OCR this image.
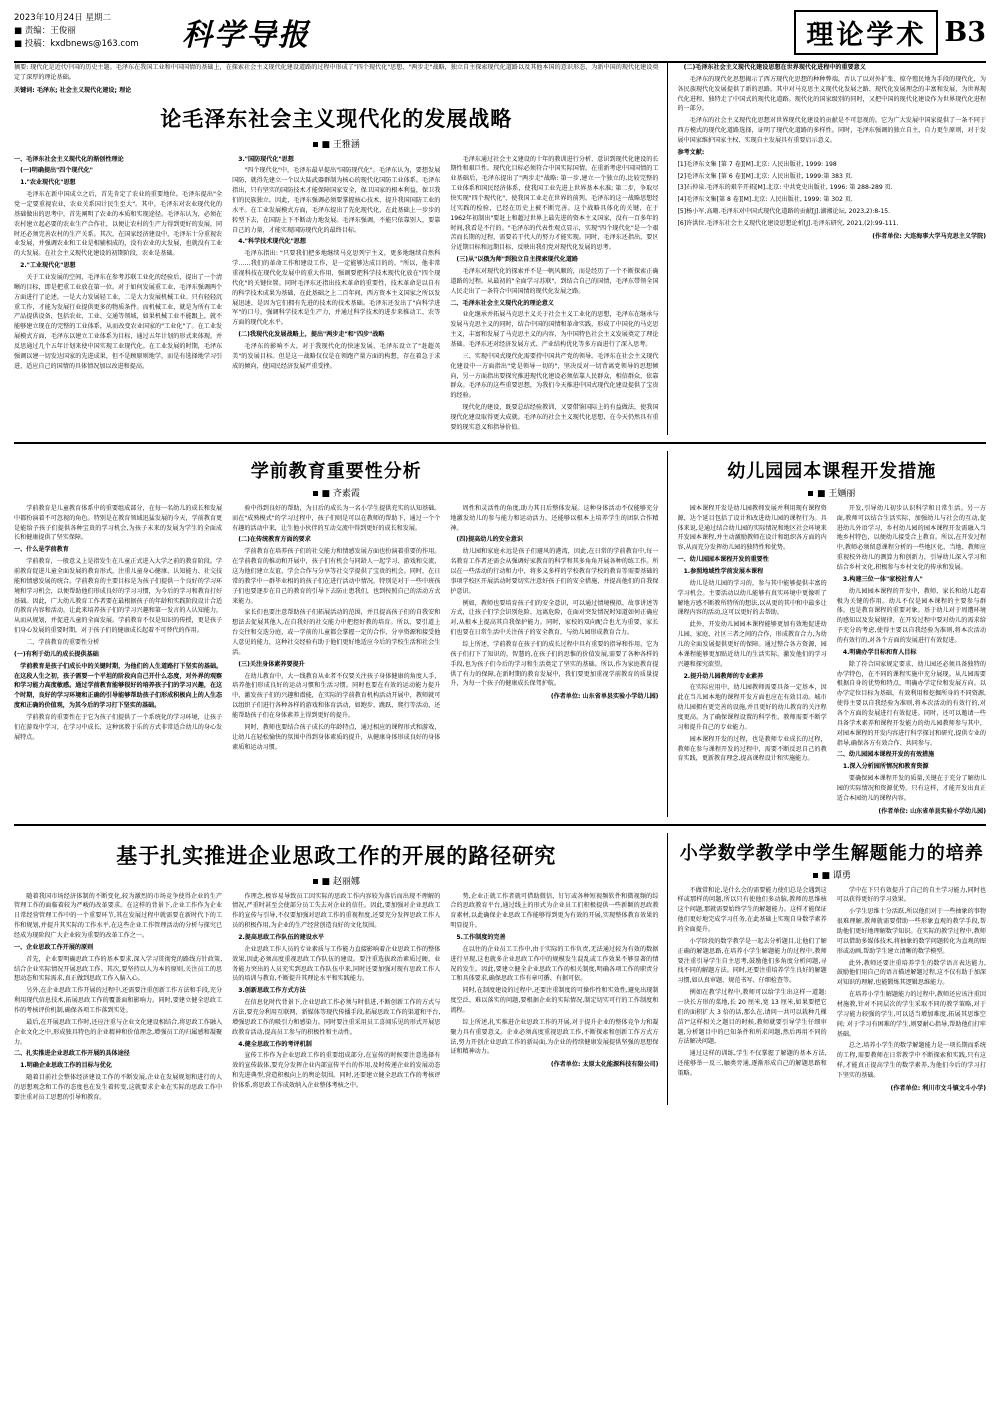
2023年10月24日 星期二
■ 责编：王俊丽
■ 投稿：kxdbnews@163.com	科学导报	理论学术 B3
摘要: 现代化是近代中国的历史主题。毛泽东在我国工业和中国国情的基础上，在探索社会主义现代化建设道路的过程中形成了"四个现代化"思想、"两步走"战略，独立自主探索现代化道路以及其他本国的意识形态，为新中国的现代化建设奠定了深厚的理论基础。
关键词: 毛泽东; 社会主义现代化建设; 理论
论毛泽东社会主义现代化的发展战略
■ 王雅涵

一、毛泽东社会主义现代化的渐创性理论

(一)明确提出"四个现代化"

1."农业现代化"思想

毛泽东在新中国成立之后，首先肯定了农业的重要地位。毛泽东提出"全党一定要重视农业，农业关系国计民生至大"。其中，毛泽东对农业现代化的基础做出的思考中，首先阐明了农业的本质和实现途径。毛泽东认为，必须在农村建立起必要的农业生产合作社，以便让农村的生产力得到更好的发展，同时还必须完善农村的生产关系。其次，在国家经济建设中，毛泽东十分重视农业发展，并强调农业和工业是相辅相成的，没有农业的大发展，也就没有工业的大发展。在社会主义现代化建设的初期阶段，农业是基础。

2."工业现代化"思想

关于工业发展的空间，毛泽东在参考苏联工业化的经验后，提出了一个清晰的目标，即是把重工业放在第一位。对于如何发展重工业，毛泽东强调两个方面进行了论述，一是大力发展轻工业，二是大力发展机械工业。只有轻轻沉重工作，才能为发展行业提供更多的物质条件。而机械工业，就是为所有工业产品提供设备，包括农业、工业、交通等领域，如果机械工业不能跟上，就不能够建立现在的完整的工业体系，从而改变农业国家的"工业化"了。在工业发展模式方面，毛泽东以建立工业体系为目标，通过五年计划的形式来体现。并反思通过几个五年计划来使中国实现工业现代化。在工业发展的时期，毛泽东强调以建一切发达国家的先进成果，但不是顾原则地学，而是有选择地学习引进，适应自己的国情的具体情况加以改进和提高。

3."国防现代化"思想

"四个现代化"中，毛泽东最早提出"国防现代化"。毛泽东认为，要想发展国防，就得先建立一个以大陆武器群制为核心的现代化国防工业体系。毛泽东指出，只有坚实的国防技术才能保障国家安全，保卫国家的根本利益，保卫我们的民族独立。因此，毛泽东强调必须要掌握核心技术，提升我国国防工业的水平。在工业发展模式方面，毛泽东提出了先化现代化，在此基础上一步步的转型下去，在国防上下不断动力地发展。毛泽东强调，不能只依靠别人，要靠自己的力量，才能实现国防现代化的最终目标。

4."科学技术现代化"思想

毛泽东指出: "只要我们把多地继续马克思列宁主义，更多地继续自然科学……我们的革命工作和建设工作，是一定能够达成目的的。"所以，他非常重视科技在现代化发展中的重大作用，强调要把科学技术现代化放在"四个现代化"的关键位置。同时毛泽东还指出技术革命的重要性，技术革命是以自有的科学技术成果为基础，在此基础之上二百年间，西方资本主义国家之所以发展迅速，是因为它们拥有先进的技术的技术基础。毛泽东还发出了"向科学进军"的口号，强调科学技术是生产力，并通过科学技术的进步来推动工、农等方面的现代化水平。

(二)我现代化发展战略上，提出"两步走"和"四步"战略

毛泽东的影响不大，对于我现代化的快速发展，毛泽东设立了"赶超英美"的发展目标。但是这一战略仅仅是在领跑产量方面的构想，存在着急于求成的倾向，使国民经济发展严重受挫。

毛泽东通过社会主义建设的十年的教训进行分析，意识到现代化建设的长期性和艰巨性。现代化目标必须符合中国实际国情。在重新考虑中国国情的工业基础后，毛泽东提出了"两步走"战略: 第一步,建立一个独立的,比较完整的工业体系和国民经济体系，使我国工业先进上世界基本水准; 第二步，争取尽快实现"四个现代化"，使我国工业走在世界的前列。毛泽东的这一战略思想经过实践的检验，已经在历史上被不断完善。这个战略具体化的关键，在于1962年初制出"要赶上和超过世界上最先进的资本主义国家，没有一百多年的时间,我看是不行的。"毛泽东的代表性观点显示，实现"四个现代化"是一个艰苦而长期的过程，需要若干代人的努力才能实现。同时，毛泽东还指出，要区分近期目标和远期目标，反映出我们党对现代化发展的思考。

(三)从"以俄为师"到独立自主探索现代化道路

毛泽东对现代化的探索并不是一帆风顺的，而是经历了一个不断探索正确道路的过程。从最初的"全面学习苏联"，到结合自己的国情，毛泽东带领全国人民走出了一条符合中国国情的现代化发展之路。

二、毛泽东社会主义现代化的理论意义

业化继承并拓展马克思主义关于社会主义工业化的思想，毛泽东在继承与发展马克思主义的同时，结合中国的国情和革命实践，形成了中国化的马克思主义，丰富和发展了马克思主义的内容，为中国特色社会主义发展奠定了理论基础。毛泽东还对经济发展方式、产业结构优化等多方面进行了深入思考。

三、实现中国式现代化需要持中国共产党的领导。毛泽东在社会主义现代化建设中一方面指出"党是领导一切的"，坚决反对一切背离党领导的思想倾向，另一方面指出要探究推进现代化建设必须依靠人民群众，相信群众，依靠群众。毛泽东的这些重要思想，为我们今天推进中国式现代化建设提供了宝贵的经验。

现代化的建设，既要总结经验教训，又要借鉴国际上的有益做法，使我国现代化建设取得更大成就。毛泽东的社会主义现代化思想，在今天仍然具有重要的现实意义和指导价值。

(二)毛泽东社会主义现代化建设思想在世界现代化进程中的重要意义

毛泽东的现代化思想揭示了西方现代化思想的种种弊端，否认了以对外扩张、掠夺殖民地为手段的现代化，为各民族现代化发展提供了新的思路。其中对马克思主义现代化发展之路、现代化发展理念的丰富和发展，为世界现代化进程，独特走了中国式的现代化道路。现代化的国家级别的同时，又把中国的现代化建设作为世界现代化进程的一部分。

毛泽东的社会主义现代化思想对世界现代化建设的贡献是不可忽视的。它为广大发展中国家提供了一条不同于西方模式的现代化道路选择，证明了现代化道路的多样性。同时，毛泽东强调的独立自主、自力更生原则，对于发展中国家维护国家主权、实现自主发展具有重要启示意义。

参考文献:

[1]毛泽东文集 [第 7 卷][M].北京: 人民出版社, 1999: 198

[2]毛泽东文集 [第 6 卷][M].北京: 人民出版社, 1999:第 383 页.

[3]石仲泉.毛泽东的艰辛开拓[M].北京: 中共党史出版社, 1996: 第 288-289 页.

[4]毛泽东文集[第 8 卷][M].北京: 人民出版社, 1999: 第 302 页.

[5]杨小军,高珊.毛泽东对中国式现代化道路的贡献[J].湖湘论坛, 2023,2):8-15.

[6]许洪位.毛泽东社会主义现代化建设思想论析[J].毛泽东研究, 2021,(2):99-111.

(作者单位: 大连海事大学马克思主义学院)
学前教育重要性分析
■ 齐素霞

学前教育是儿童教育体系中的重要组成部分，在每一名幼儿的成长和发展中都扮演着不可忽视的角色。特别是在教育领域迅猛发展的今天，学前教育更是能给予孩子们提供各种宝贵的学习机会,为孩子未来的发展为学生的全面成长和健康提供了坚实保障。

一、什么是学前教育

学前教育，一般意义上是指发生在儿童正式进入大学之前的教育阶段。学前教育促进儿童全面发展的教育形式，注重儿童身心健康、认知能力、社交技能和情感发展的统合。学前教育的主要目标是为孩子们提供一个良好的学习环境和学习机会，以便帮助他们形成良好的学习习惯，为今后的学习和教育打好基础。因此，广大幼儿教育工作者要在最根据孩子的年龄和实践阶段设计合适的教育内容和活动，让此来培养孩子们的学习兴趣和第一发言的人认知能力，从而从规划，并促进儿童的全面发展。学前教育不仅是知识的传授，更是孩子们身心发展的重要时期，对于孩子们的健康成长起着不可替代的作用。

二、学前教育的重要性分析

(一)有利于幼儿的成长提供基础

学前教育是孩子们成长中的关键时期，为他们的人生道路打下坚实的基础。在这段人生之初，孩子需要一个平坦的阶段向自己开什么态度，对外界的观察和学习能力高度敏感。通过学前教育能够很好的培养孩子们的学习兴趣，在这个时期，良好的学习环境和正确的引导能够帮助孩子们形成积极向上的人生态度和正确的价值观，为其今后的学习打下坚实的基础。

学前教育的重要性在于它为孩子们提供了一个系统化的学习环境，让孩子们在游戏中学习，在学习中成长，这种寓教于乐的方式非常适合幼儿的身心发展特点。

验中得到良好的帮助，为日后的成长为一名小学生提供充实的认知基础。而在"成熟模式"的学习过程中，孩子们则是可以在教师的帮助下，通过一个个有趣的活动中来，让生他小伙伴的互动交流中得到更好的成长和发展。

(二)在传统教育方面的要求

学前教育在培养孩子们的社交能力和情感发展方面也扮演着重要的作用。在学前教育的推动和开展中，孩子们有机会与同龄人一起学习、游戏和交流，这为他们建立友谊、学会合作与分享等社交学提供了宝贵的机会。同时，在日常的教学中一群毕业相的的孩子们在进行活动中情况，特别是对于一些中班孩子们也要逐步在自己的教育的引导下去防止患我们，也到按照自己的活动方式来能力。

家长们也要注意帮助孩子们拓展活动的范围，并且提高孩子们的自我安和想法去促展其他人,在自我好的社交能力中把控好教的培育。所以，要引道上台交往和交迭分庭，或一学前的儿童都会掌握一定的合作、分享资源和接受他人意见的能力，这种社交经验有助于他们更好地适应今后的学校生活和社会生活。

(三)关注身体素养要提升

在幼儿教育中，大一线教育从业者不仅要关注孩子身体健康的角度人手，培养他们形成良好的运动习惯和生活习惯。同时也要在有效的运动能力提升中，激发孩子们的兴趣和潜能，在实际的学前教育机构活动开展中，教师就可以组织子们进行各种各样的游戏和体育活动，如跑步、跳跃、爬行等活动，还能帮助孩子们在身体素养上得到更好的提升。

同时，教师也要结合孩子成长的年龄特点，通过相应的课程形式和游戏，让幼儿在轻松愉快的氛围中得到身体素质的提升，从健康身体形成良好的身体素质和运动习惯。

周性和灵活性的角度,助力其日后整体发展。这种身体活动不仅能够充分地激发幼儿的参与能力和运动活力，还能够以根本上培养学生的团队合作精神。

(四)提高幼儿的安全意识

幼儿园和家庭永远是孩子们避风的港湾，因此,在日常的学前教育中,每一名教育工作者还需会从强调好家教育的科学和其多角角开展各种的练工作。所以在一些活动的行动和力中，将多义多样的学校教育学校的教育等需要基础的事项学校区开展活动时要切实注意好孩子们的安全措施，并提高他们的自我保护意识。

例如，教师也要培育孩子们的安全意识，可以通过情境模拟、故事讲述等方式，让孩子们学会识别危险、远离危险，在面对突发情况时知道如何正确应对,从根本上提高其自我保护能力。同时，家校的双向配合也尤为重要，家长们也要在日常生活中关注孩子的安全教育，与幼儿园形成教育合力。

综上所述，学前教育在孩子们的成长过程中具有重要的指导和作用，它为孩子们打下了知识的，智慧的,在孩子们的思惟的价值发展,需要了各种各样的手段,也为孩子们今后的学习和生活奠定了坚实的基础。所以,作为家庭教育提供了有力的保障,在新时期的教育发展中，我们要更加重视学前教育的质量提升，为每一个孩子的健康成长保驾护航。

(作者单位: 山东省单县实验小学幼儿园)
幼儿园园本课程开发措施
■ 王婳丽

园本课程开发是幼儿园教师发展并利用现有课程资源，达个延目包括了设计和改进幼儿园的课程行为。具体来说,是通过结合幼儿园的实际情况和地区社会环境来开发园本课程,并主动激励教师在设计和组织各方面的内容,从而充分发挥幼儿园的独特性和优势。

一、幼儿园园本课程开发的重要性

1.参照地域性学前发展本课程

幼儿是幼儿园的学习的，参与其中能够提供丰富的学习机会。主要活动以幼儿能够有真实环境中更像听了解地方感不断教所特所的想法,以从更的其中和中最多让课程内容的活动,这可以更好的去帮助。

此外，开发幼儿园园本课程能够更加有效地促进幼儿园、家庭、社区三者之间的合作，形成教育合力,为幼儿的全面发展提供更好的保障。通过整合各方资源，园本课程能够更加贴近幼儿的生活实际，激发他们的学习兴趣和探究欲望。

2.提升幼儿园教师的专业素养

在实际应用中，幼儿园教师需要具备一定基本，因此在当儿园本地的课程开发方面也应在有效目动。城市幼儿园拥有更完善的设施,并且更好的幼儿教育的关注程度更高。为了确保课程设置的科学性，教师需要不断学习和提升自己的专业能力。

园本课程开发的过程，也是教师专业成长的过程，教师在参与课程开发的过程中，需要不断反思自己的教育实践，更新教育理念,提高课程设计和实施能力。

开发,引导幼儿初步认识科学和日常生活。另一方面,教师可以结合生活实际，加强幼儿与社会的互动,促进幼儿外语学习，乡村幼儿园的园本课程开发需融入当地乡村特色，以便幼儿接受合上教育。所以,在开发过程中,教师必须留意课程分析的一些地区化、当地、教师应重视校外幼儿的测算力和创新力，引导幼儿深入学习和结合乡村文化,积极参与乡村文化的传承和发展。

3.构建三位一体"家校社育人"

幼儿园园本课程的开发中，教师、家长和幼儿起着极为关键的作用。幼儿不仅是园本课程的主要参与群体，也是教育课程的重要对象。基于幼儿对于周遭环境的感知以及发展规律，在开发过程中要对幼儿的需求给予充分的考虑,使得主要以自我经验为准则,将本次活动的有效行的,对各个方面的发展进行有效促进。

4.明确办学目标和育人目标

除了符合国家规定要求，幼儿园还必须具备独特的办学特色，在不同的课程实施中充分展现。从儿园需要根据自身的优势和特点，明确办学定位和发展方向。以办学定位目标为基础，有效利用和挖掘所身的不同资源,使得主要以自我经验为准则,将本次活动的有效行的,对各个方面的发展进行有效促进。同时，还可以邀请一些具备学术素养和课程开发能力的幼儿园教师参与其中，对园本课程的开发内容进行科学探讨和研究,提供专业的指导,确保各方有效合作、共同参与。

二、幼儿园园本课程开发的有效措施

1.深入分析园所情况和教育资源

要确保园本课程开发的质量,关键在于充分了解幼儿园的实际情况和资源优势。只有这样，才能开发出真正适合本园幼儿的课程内容。

(作者单位: 山东省单县实验小学幼儿园)
基于扎实推进企业思政工作的开展的路径研究
■ 赵丽娜

随着我国市场经济体制的不断变化,较为激烈的市场竞争使得企业的生产管理工作的面临着较为严峻的改革要求。在这样的背景下,企业工作作为企业日常经营管理工作中的一个重要环节,其在发展过程中就需要在新时代下的工作和规划,并提升其实际的工作水平,在这些企业工作管理活动的分析与探究已经成为现阶段广大企业较为重要的改革工作之一。

一、企业思政工作开展的原则

首先，企业要明确思政工作的基本要求,深入学习贯彻党的路线方针政策,结合企业实际情况开展思政工作。其次,要坚持以人为本的原则,关注员工的思想动态和实际需求,真正做到思政工作入脑入心。

另外,在企业思政工作开展的过程中,还需要注重创新工作方法和手段,充分利用现代信息技术,拓展思政工作的覆盖面和影响力。同时,要建立健全思政工作的考核评价机制,确保各项工作落到实处。

最后,在开展思政工作时,还应注重与企业文化建设相结合,将思政工作融入企业文化之中,形成独具特色的企业精神和价值理念,增强员工的归属感和凝聚力。

二、扎实推进企业思政工作开展的具体途径

1.明确企业思政工作的目标与优化

随着目前社会整体经济建设工作的不断发展,企业在发展规划和进行的人的思想观念和工作的态度也在发生着转变,这就要求企业在实际的思政工作中要注重对员工思想的引导和教育。

作理念,极容易导致员工因实际的思政工作内容较为落后而出现不理解的情况,严重时甚至会使部分员工失去对企业的信任。因此,要加强对企业思政工作的宣传与引导,不仅要加强对思政工作的重视程度,还要充分发挥思政工作人员的积极作用,为企业的生产经营创造良好的文化氛围。

2.提高思政工作队伍的建设水平

企业思政工作人员的专业素质与工作能力直接影响着企业思政工作的整体效果,因此必须高度重视思政工作队伍的建设。要注重选拔政治素质过硬、业务能力突出的人员充实到思政工作队伍中来,同时还要加强对现有思政工作人员的培训与教育,不断提升其理论水平和实践能力。

3.创新思政工作方式方法

在信息化时代背景下,企业思政工作必须与时俱进,不断创新工作的方式与方法,要充分利用互联网、新媒体等现代传播手段,拓展思政工作的渠道和平台,增强思政工作的吸引力和感染力。同时要注重采用员工喜闻乐见的形式开展思政教育活动,提高员工参与的积极性和主动性。

4.健全思政工作的考评机制

宣传工作作为企业思政工作的重要组成部分,在宣传的时候要注意选择有效的宣传载体,要充分发挥企业内部宣传平台的作用,及时传递企业的发展动态和先进典型,营造积极向上的舆论氛围。同时,还要建立健全思政工作的考核评价体系,将思政工作成效纳入企业整体考核之中。

势,企业正就工作者就可借助微信、钉钉或各种短视频软件和微视频的综合的思政教育平台,通过线上的形式为企业员工们积极提供一些新颖的思政教育素材,以此确保企业思政工作能够得到更为有效的开展,实现整体教育效果的明显提升。

5.工作制度的完善

在以往的企业员工工作中,由于实际的工作负责,无法通过较为有效的数据进行呈现,这也就多企业思政工作中的规模发生混乱或工作效果不够显著的情况的发生。因此,要建立健全企业思政工作的相关制度,明确各项工作的职责分工和具体要求,确保思政工作有章可循、有据可依。

同时,在制度建设的过程中,还要注重制度的可操作性和实效性,避免出现制度空泛、难以落实的问题,要根据企业的实际情况,制定切实可行的工作制度和流程。

综上所述,扎实推进企业思政工作的开展,对于提升企业的整体竞争力和凝聚力具有重要意义。企业必须高度重视思政工作,不断探索和创新工作方式方法,努力开创企业思政工作的新局面,为企业的持续健康发展提供坚强的思想保证和精神动力。

(作者单位: 太原太化能源科技有限公司)
小学数学教学中学生解题能力的培养
■ 谭勇

不做常和论,是什么会的需要能力使们总是会遇到这样或那样的问题,所以只有使他们多动脑,教师的思维核这个问题,那就需要始终学生的解题能力。这样才能保证他们更好地完成学习任务,在此基础上实现自身数学素养的全面提升。

小学阶段的数学教学是一起去分析题目,让他们了解正确的解题思路,在培养小学生解题能力的过程中,教师要注重引导学生自主思考,鼓励他们多角度分析问题,寻找不同的解题方法。同时,还要注重培养学生良好的解题习惯,如认真审题、规范书写、仔细检查等。

例如在教学过程中,教师可以给学生出这样一道题: 一块长方形的菜地,长 20 厘米,宽 13 厘米,如果要把它们的面积扩大 3 倍的话,那么在,请问一共可以栽种几棵苗?"这样相关之题目的时候,教师就要引导学生仔细审题,分析题目中的已知条件和所求问题,然后再用不同的方法解决问题。

通过这样的训练,学生不仅掌握了解题的基本方法,还能够举一反三,触类旁通,逐渐形成自己的解题思路和策略。

学中在下只有效提升了自己的自主学习能力,同时也可以获得更好的学习效果。

小学生思维十分活跃,所以他们对于一些抽象的事物很难理解,教师就需要借助一些形象直观的教学手段,帮助他们更好地理解数学知识。在实际的教学过程中,教师可以借助多媒体技术,将抽象的数学问题转化为直观的图形或动画,帮助学生建立清晰的数学模型。

此外,教师还要注重培养学生的数学语言表达能力,鼓励他们用自己的语言描述解题过程,这不仅有助于加深对知识的理解,也能锻炼其逻辑思维能力。

在培养小学生解题能力的过程中,教师还应该注重因材施教,针对不同层次的学生采取不同的教学策略,对于学习能力较强的学生,可以适当增加难度,拓展其思维空间; 对于学习有困难的学生,则要耐心指导,帮助他们打牢基础。

总之,培养小学生的数学解题能力是一项长期而系统的工程,需要教师在日常教学中不断探索和实践,只有这样,才能真正提高学生的数学素养,为他们今后的学习打下坚实的基础。

(作者单位: 利川市文斗镇文斗小学)
